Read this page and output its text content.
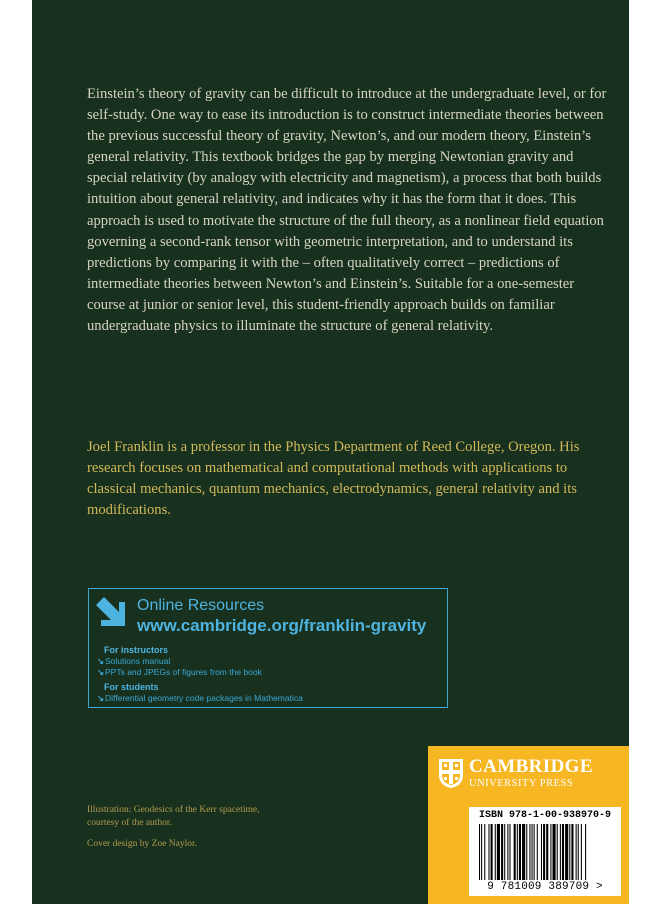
Einstein’s theory of gravity can be difficult to introduce at the undergraduate level, or for self-study. One way to ease its introduction is to construct intermediate theories between the previous successful theory of gravity, Newton’s, and our modern theory, Einstein’s general relativity. This textbook bridges the gap by merging Newtonian gravity and special relativity (by analogy with electricity and magnetism), a process that both builds intuition about general relativity, and indicates why it has the form that it does. This approach is used to motivate the structure of the full theory, as a nonlinear field equation governing a second-rank tensor with geometric interpretation, and to understand its predictions by comparing it with the – often qualitatively correct – predictions of intermediate theories between Newton’s and Einstein’s. Suitable for a one-semester course at junior or senior level, this student-friendly approach builds on familiar undergraduate physics to illuminate the structure of general relativity.

Joel Franklin is a professor in the Physics Department of Reed College, Oregon. His research focuses on mathematical and computational methods with applications to classical mechanics, quantum mechanics, electrodynamics, general relativity and its modifications.

Online Resources
www.cambridge.org/franklin-gravity
For instructors
↘Solutions manual
↘PPTs and JPEGs of figures from the book
For students
↘Differential geometry code packages in Mathematica

Illustration: Geodesics of the Kerr spacetime,
courtesy of the author.

Cover design by Zoe Naylor.

CAMBRIDGE
UNIVERSITY PRESS
ISBN 978-1-00-938970-9
9 781009 389709 >
